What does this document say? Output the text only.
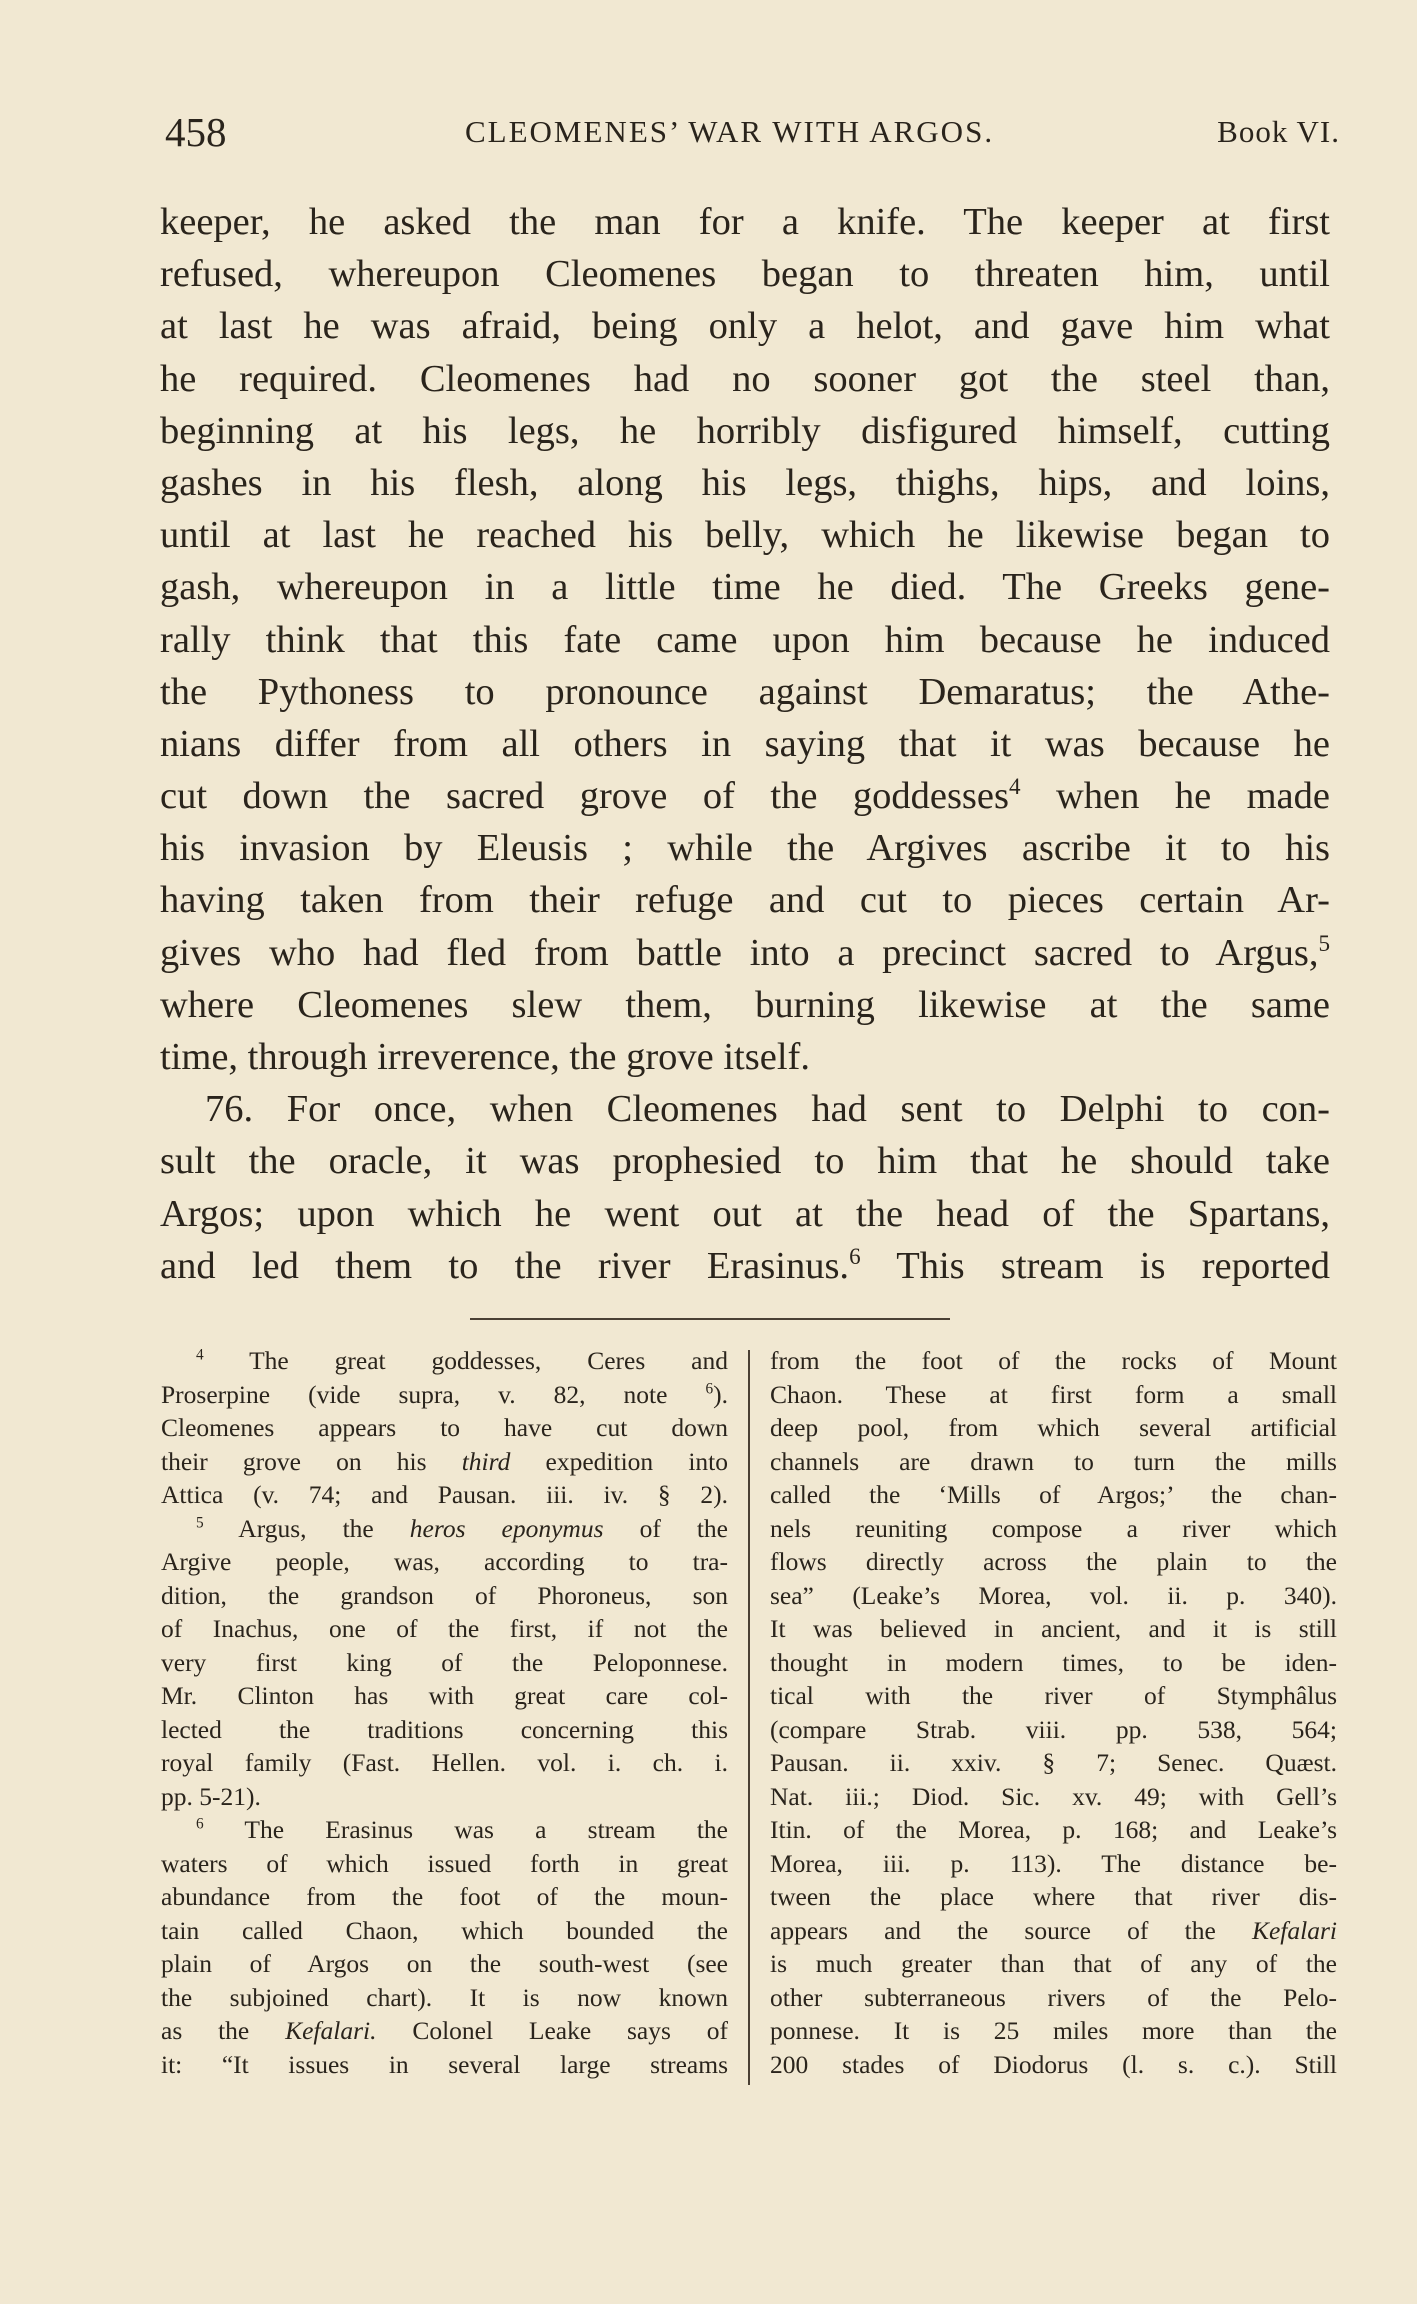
458	CLEOMENES’ WAR WITH ARGOS.	Book VI.
keeper, he asked the man for a knife. The keeper at first
refused, whereupon Cleomenes began to threaten him, until
at last he was afraid, being only a helot, and gave him what
he required. Cleomenes had no sooner got the steel than,
beginning at his legs, he horribly disfigured himself, cutting
gashes in his flesh, along his legs, thighs, hips, and loins,
until at last he reached his belly, which he likewise began to
gash, whereupon in a little time he died. The Greeks gene-
rally think that this fate came upon him because he induced
the Pythoness to pronounce against Demaratus; the Athe-
nians differ from all others in saying that it was because he
cut down the sacred grove of the goddesses$^4$ when he made
his invasion by Eleusis ; while the Argives ascribe it to his
having taken from their refuge and cut to pieces certain Ar-
gives who had fled from battle into a precinct sacred to Argus,$^5$
where Cleomenes slew them, burning likewise at the same
time, through irreverence, the grove itself.
76. For once, when Cleomenes had sent to Delphi to con-
sult the oracle, it was prophesied to him that he should take
Argos; upon which he went out at the head of the Spartans,
and led them to the river Erasinus.$^6$ This stream is reported
$^4$ The great goddesses, Ceres and
Proserpine (vide supra, v. 82, note $^6$).
Cleomenes appears to have cut down
their grove on his third expedition into
Attica (v. 74; and Pausan. iii. iv. § 2).
$^5$ Argus, the heros eponymus of the
Argive people, was, according to tra-
dition, the grandson of Phoroneus, son
of Inachus, one of the first, if not the
very first king of the Peloponnese.
Mr. Clinton has with great care col-
lected the traditions concerning this
royal family (Fast. Hellen. vol. i. ch. i.
pp. 5-21).
$^6$ The Erasinus was a stream the
waters of which issued forth in great
abundance from the foot of the moun-
tain called Chaon, which bounded the
plain of Argos on the south-west (see
the subjoined chart). It is now known
as the Kefalari. Colonel Leake says of
it: “It issues in several large streams
from the foot of the rocks of Mount
Chaon. These at first form a small
deep pool, from which several artificial
channels are drawn to turn the mills
called the ‘Mills of Argos;’ the chan-
nels reuniting compose a river which
flows directly across the plain to the
sea” (Leake’s Morea, vol. ii. p. 340).
It was believed in ancient, and it is still
thought in modern times, to be iden-
tical with the river of Stymphâlus
(compare Strab. viii. pp. 538, 564;
Pausan. ii. xxiv. § 7; Senec. Quæst.
Nat. iii.; Diod. Sic. xv. 49; with Gell’s
Itin. of the Morea, p. 168; and Leake’s
Morea, iii. p. 113). The distance be-
tween the place where that river dis-
appears and the source of the Kefalari
is much greater than that of any of the
other subterraneous rivers of the Pelo-
ponnese. It is 25 miles more than the
200 stades of Diodorus (l. s. c.). Still
